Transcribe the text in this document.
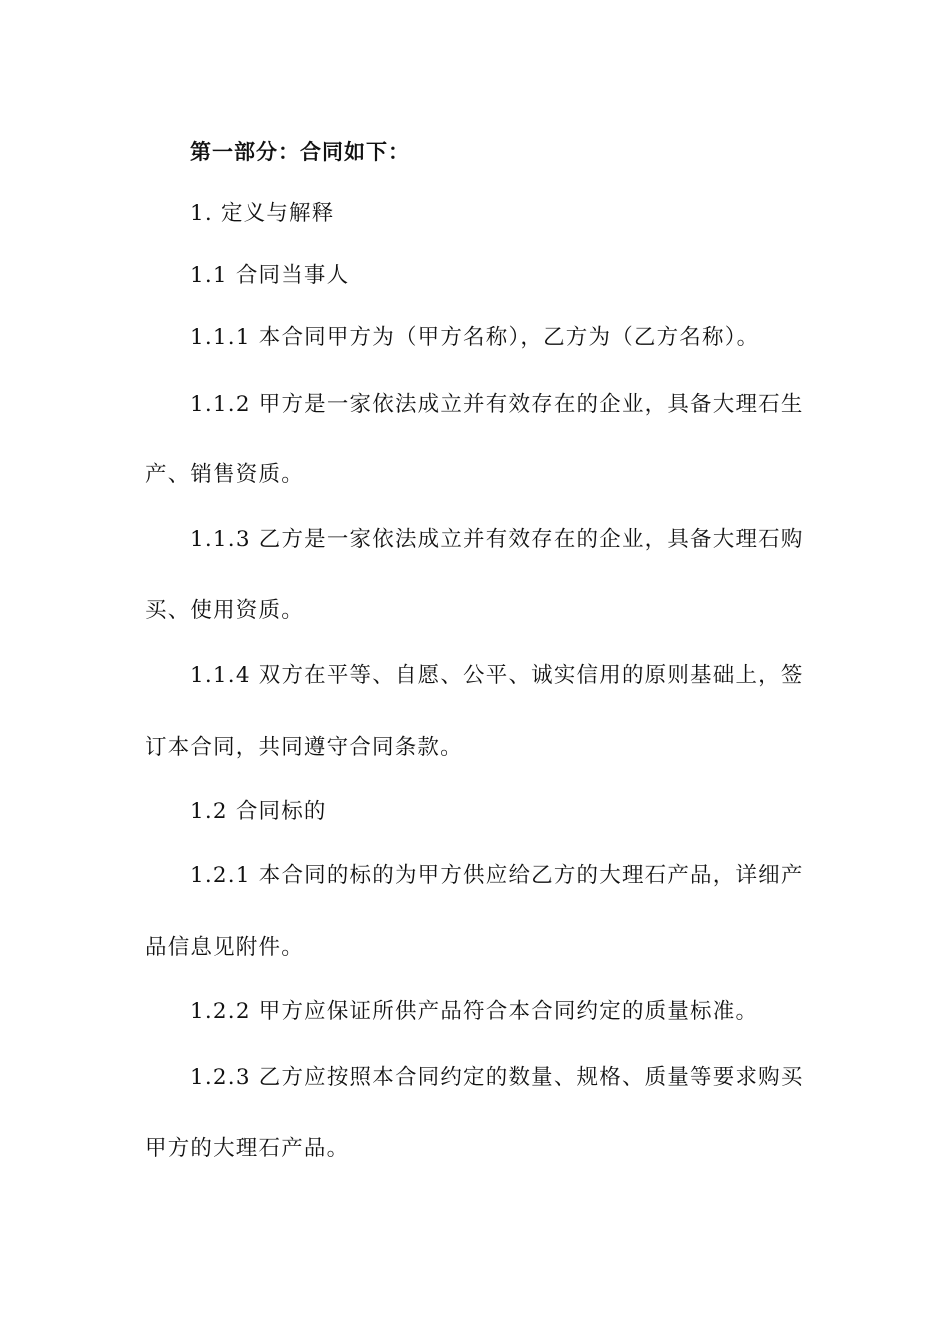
第一部分：合同如下：

1. 定义与解释

1.1 合同当事人

1.1.1 本合同甲方为（甲方名称），乙方为（乙方名称）。

1.1.2 甲方是一家依法成立并有效存在的企业，具备大理石生

产、销售资质。

1.1.3 乙方是一家依法成立并有效存在的企业，具备大理石购

买、使用资质。

1.1.4 双方在平等、自愿、公平、诚实信用的原则基础上，签

订本合同，共同遵守合同条款。

1.2 合同标的

1.2.1 本合同的标的为甲方供应给乙方的大理石产品，详细产

品信息见附件。

1.2.2 甲方应保证所供产品符合本合同约定的质量标准。

1.2.3 乙方应按照本合同约定的数量、规格、质量等要求购买

甲方的大理石产品。
